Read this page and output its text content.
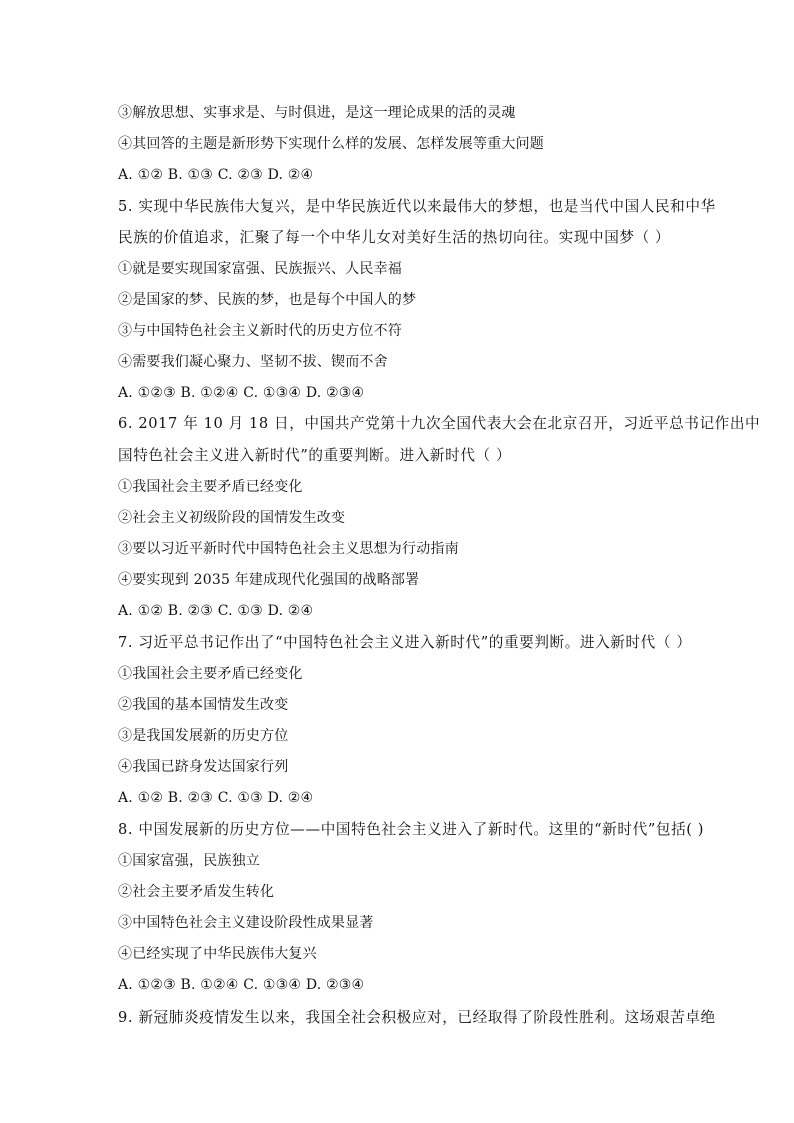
③解放思想、实事求是、与时俱进，是这一理论成果的活的灵魂
④其回答的主题是新形势下实现什么样的发展、怎样发展等重大问题
A. ①② B. ①③ C. ②③ D. ②④
5. 实现中华民族伟大复兴，是中华民族近代以来最伟大的梦想，也是当代中国人民和中华
民族的价值追求，汇聚了每一个中华儿女对美好生活的热切向往。实现中国梦（ ）
①就是要实现国家富强、民族振兴、人民幸福
②是国家的梦、民族的梦，也是每个中国人的梦
③与中国特色社会主义新时代的历史方位不符
④需要我们凝心聚力、坚韧不拔、锲而不舍
A. ①②③ B. ①②④ C. ①③④ D. ②③④
6. 2017 年 10 月 18 日，中国共产党第十九次全国代表大会在北京召开，习近平总书记作出中
国特色社会主义进入新时代”的重要判断。进入新时代（ ）
①我国社会主要矛盾已经变化
②社会主义初级阶段的国情发生改变
③要以习近平新时代中国特色社会主义思想为行动指南
④要实现到 2035 年建成现代化强国的战略部署
A. ①② B. ②③ C. ①③ D. ②④
7. 习近平总书记作出了“中国特色社会主义进入新时代”的重要判断。进入新时代（ ）
①我国社会主要矛盾已经变化
②我国的基本国情发生改变
③是我国发展新的历史方位
④我国已跻身发达国家行列
A. ①② B. ②③ C. ①③ D. ②④
8. 中国发展新的历史方位——中国特色社会主义进入了新时代。这里的“新时代”包括( )
①国家富强，民族独立
②社会主要矛盾发生转化
③中国特色社会主义建设阶段性成果显著
④已经实现了中华民族伟大复兴
A. ①②③ B. ①②④ C. ①③④ D. ②③④
9. 新冠肺炎疫情发生以来，我国全社会积极应对，已经取得了阶段性胜利。这场艰苦卓绝
